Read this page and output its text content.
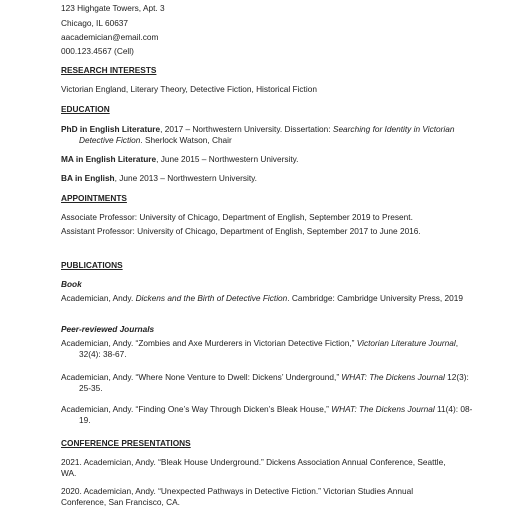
123 Highgate Towers, Apt. 3
Chicago, IL 60637
aacademician@email.com
000.123.4567 (Cell)
RESEARCH INTERESTS
Victorian England, Literary Theory, Detective Fiction, Historical Fiction
EDUCATION
PhD in English Literature, 2017 – Northwestern University. Dissertation: Searching for Identity in Victorian Detective Fiction. Sherlock Watson, Chair
MA in English Literature, June 2015 – Northwestern University.
BA in English, June 2013 – Northwestern University.
APPOINTMENTS
Associate Professor: University of Chicago, Department of English, September 2019 to Present.
Assistant Professor: University of Chicago, Department of English, September 2017 to June 2016.
PUBLICATIONS
Book
Academician, Andy. Dickens and the Birth of Detective Fiction. Cambridge: Cambridge University Press, 2019
Peer-reviewed Journals
Academician, Andy. “Zombies and Axe Murderers in Victorian Detective Fiction,” Victorian Literature Journal, 32(4): 38-67.
Academician, Andy. “Where None Venture to Dwell: Dickens’ Underground,” WHAT: The Dickens Journal 12(3): 25-35.
Academician, Andy. “Finding One’s Way Through Dicken’s Bleak House,” WHAT: The Dickens Journal 11(4): 08-19.
CONFERENCE PRESENTATIONS
2021. Academician, Andy. “Bleak House Underground.” Dickens Association Annual Conference, Seattle, WA.
2020. Academician, Andy. “Unexpected Pathways in Detective Fiction.” Victorian Studies Annual Conference, San Francisco, CA.
